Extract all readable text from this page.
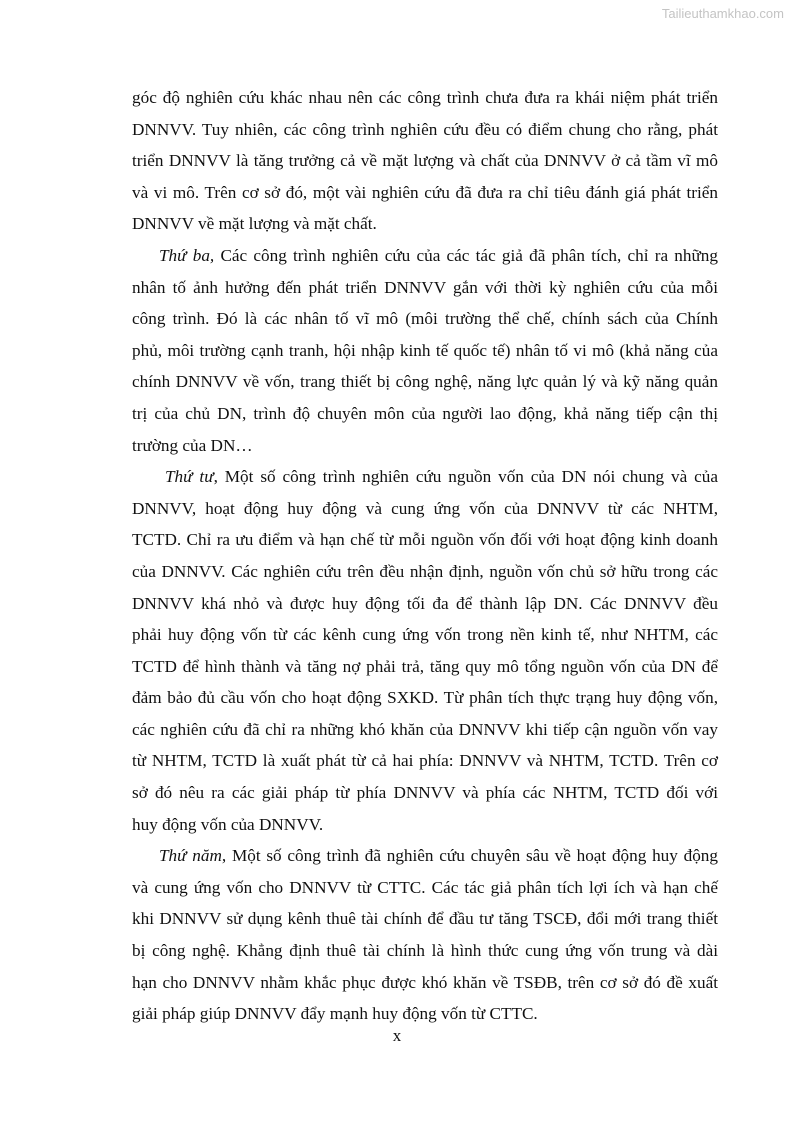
Tailieuthamkhao.com
góc độ nghiên cứu khác nhau nên các công trình chưa đưa ra khái niệm phát triển
DNNVV. Tuy nhiên, các công trình nghiên cứu đều có điểm chung cho rằng, phát
triển DNNVV là tăng trưởng cả về mặt lượng và chất của DNNVV ở cả tầm vĩ mô
và vi mô. Trên cơ sở đó, một vài nghiên cứu đã đưa ra chỉ tiêu đánh giá phát triển
DNNVV về mặt lượng và mặt chất.
Thứ ba, Các công trình nghiên cứu của các tác giả đã phân tích, chỉ ra những
nhân tố ảnh hưởng đến phát triển DNNVV gắn với thời kỳ nghiên cứu của mỗi
công trình. Đó là các nhân tố vĩ mô (môi trường thể chế, chính sách của Chính
phủ, môi trường cạnh tranh, hội nhập kinh tế quốc tế) nhân tố vi mô (khả năng của
chính DNNVV về vốn, trang thiết bị công nghệ, năng lực quản lý và kỹ năng quản
trị của chủ DN, trình độ chuyên môn của người lao động, khả năng tiếp cận thị
trường của DN…
Thứ tư, Một số công trình nghiên cứu nguồn vốn của DN nói chung và của
DNNVV, hoạt động huy động và cung ứng vốn của DNNVV từ các NHTM,
TCTD. Chỉ ra ưu điểm và hạn chế từ mỗi nguồn vốn đối với hoạt động kinh doanh
của DNNVV. Các nghiên cứu trên đều nhận định, nguồn vốn chủ sở hữu trong các
DNNVV khá nhỏ và được huy động tối đa để thành lập DN. Các DNNVV đều
phải huy động vốn từ các kênh cung ứng vốn trong nền kinh tế, như NHTM, các
TCTD để hình thành và tăng nợ phải trả, tăng quy mô tổng nguồn vốn của DN để
đảm bảo đủ cầu vốn cho hoạt động SXKD. Từ phân tích thực trạng huy động vốn,
các nghiên cứu đã chỉ ra những khó khăn của DNNVV khi tiếp cận nguồn vốn vay
từ NHTM, TCTD là xuất phát từ cả hai phía: DNNVV và NHTM, TCTD. Trên cơ
sở đó nêu ra các giải pháp từ phía DNNVV và phía các NHTM, TCTD đối với
huy động vốn của DNNVV.
Thứ năm, Một số công trình đã nghiên cứu chuyên sâu về hoạt động huy động
và cung ứng vốn cho DNNVV từ CTTC. Các tác giả phân tích lợi ích và hạn chế
khi DNNVV sử dụng kênh thuê tài chính để đầu tư tăng TSCĐ, đổi mới trang thiết
bị công nghệ. Khẳng định thuê tài chính là hình thức cung ứng vốn trung và dài
hạn cho DNNVV nhằm khắc phục được khó khăn về TSĐB, trên cơ sở đó đề xuất
giải pháp giúp DNNVV đẩy mạnh huy động vốn từ CTTC.
x
